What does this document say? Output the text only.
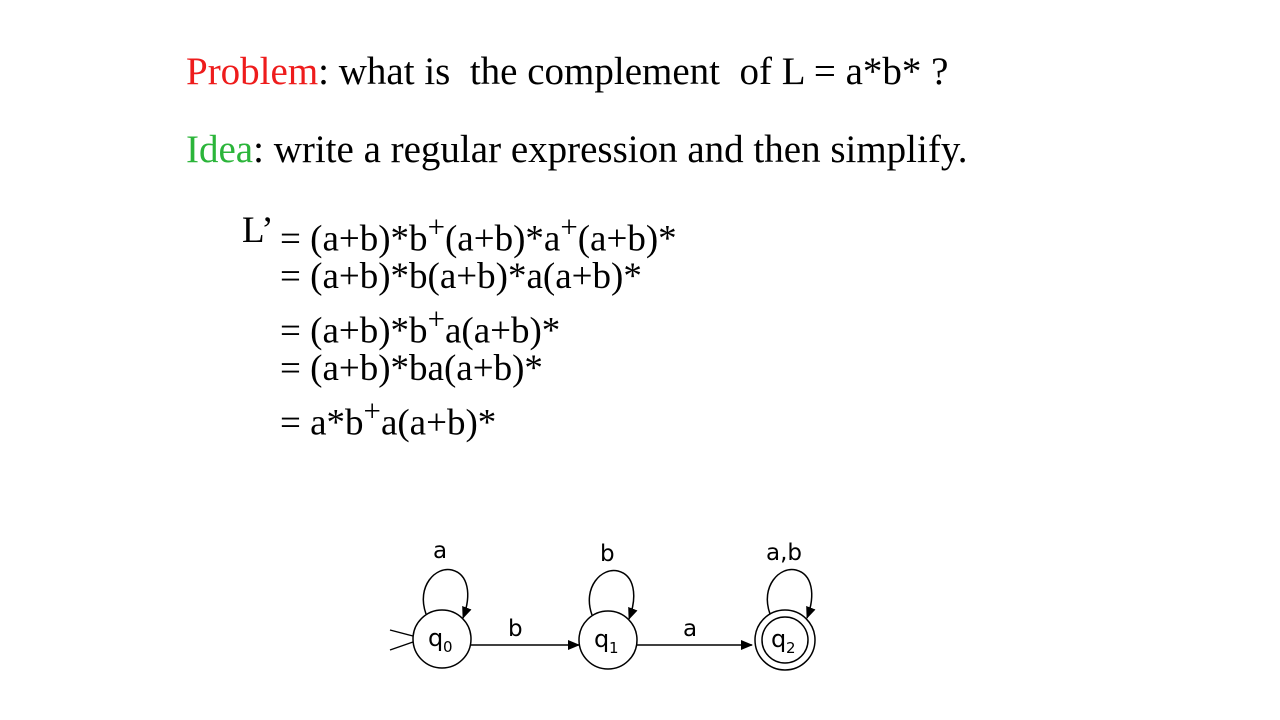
Problem: what is  the complement  of L = a*b* ?
Idea: write a regular expression and then simplify.

L’

= (a+b)*b+(a+b)*a+(a+b)*

= (a+b)*b(a+b)*a(a+b)*

= (a+b)*b+a(a+b)*

= (a+b)*ba(a+b)*

= a*b+a(a+b)*

q 0
a
b	q 1
b
a	q 2
a,b
